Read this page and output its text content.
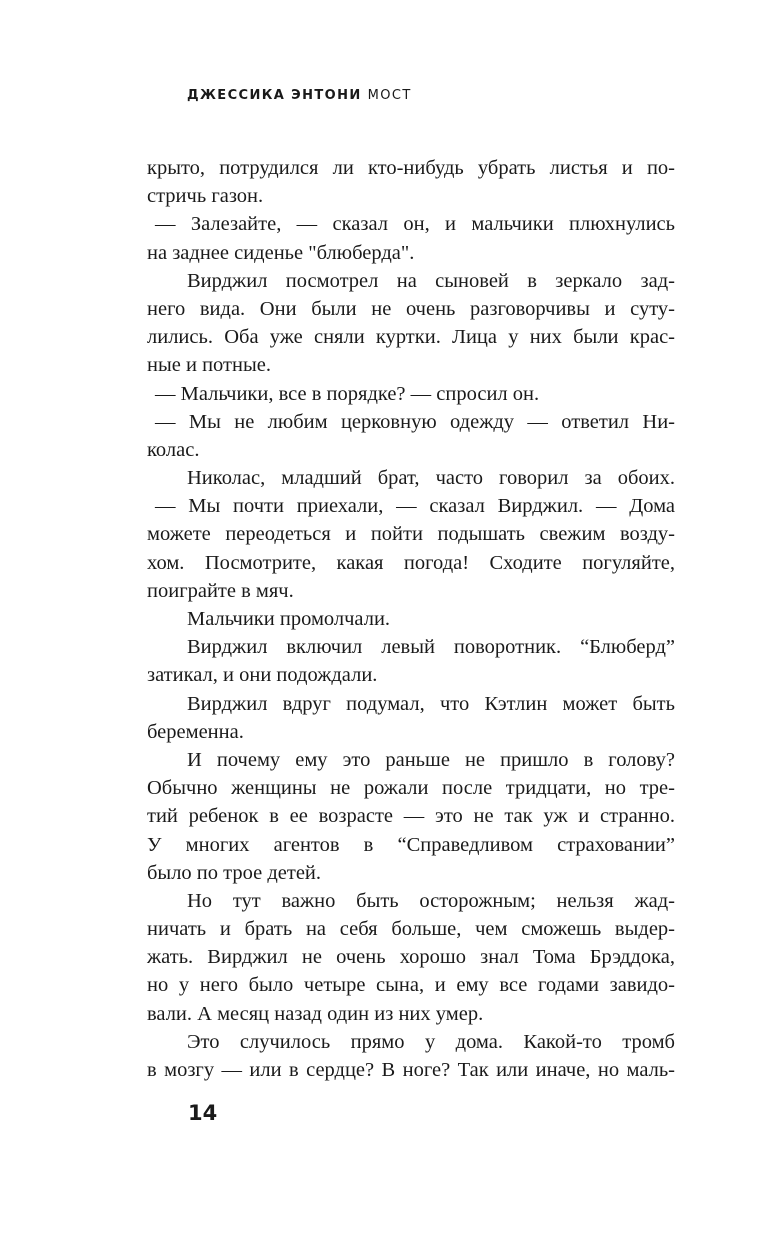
ДЖЕССИКА ЭНТОНИ МОСТ
крыто, потрудился ли кто-нибудь убрать листья и по-
стричь газон.
— Залезайте, — сказал он, и мальчики плюхнулись
на заднее сиденье "блюберда".
Вирджил посмотрел на сыновей в зеркало зад-
него вида. Они были не очень разговорчивы и суту-
лились. Оба уже сняли куртки. Лица у них были крас-
ные и потные.
— Мальчики, все в порядке? — спросил он.
— Мы не любим церковную одежду — ответил Ни-
колас.
Николас, младший брат, часто говорил за обоих.
— Мы почти приехали, — сказал Вирджил. — Дома
можете переодеться и пойти подышать свежим возду-
хом. Посмотрите, какая погода! Сходите погуляйте,
поиграйте в мяч.
Мальчики промолчали.
Вирджил включил левый поворотник. “Блюберд”
затикал, и они подождали.
Вирджил вдруг подумал, что Кэтлин может быть
беременна.
И почему ему это раньше не пришло в голову?
Обычно женщины не рожали после тридцати, но тре-
тий ребенок в ее возрасте — это не так уж и странно.
У многих агентов в “Справедливом страховании”
было по трое детей.
Но тут важно быть осторожным; нельзя жад-
ничать и брать на себя больше, чем сможешь выдер-
жать. Вирджил не очень хорошо знал Тома Брэддока,
но у него было четыре сына, и ему все годами завидо-
вали. А месяц назад один из них умер.
Это случилось прямо у дома. Какой-то тромб
в мозгу — или в сердце? В ноге? Так или иначе, но маль-
14
